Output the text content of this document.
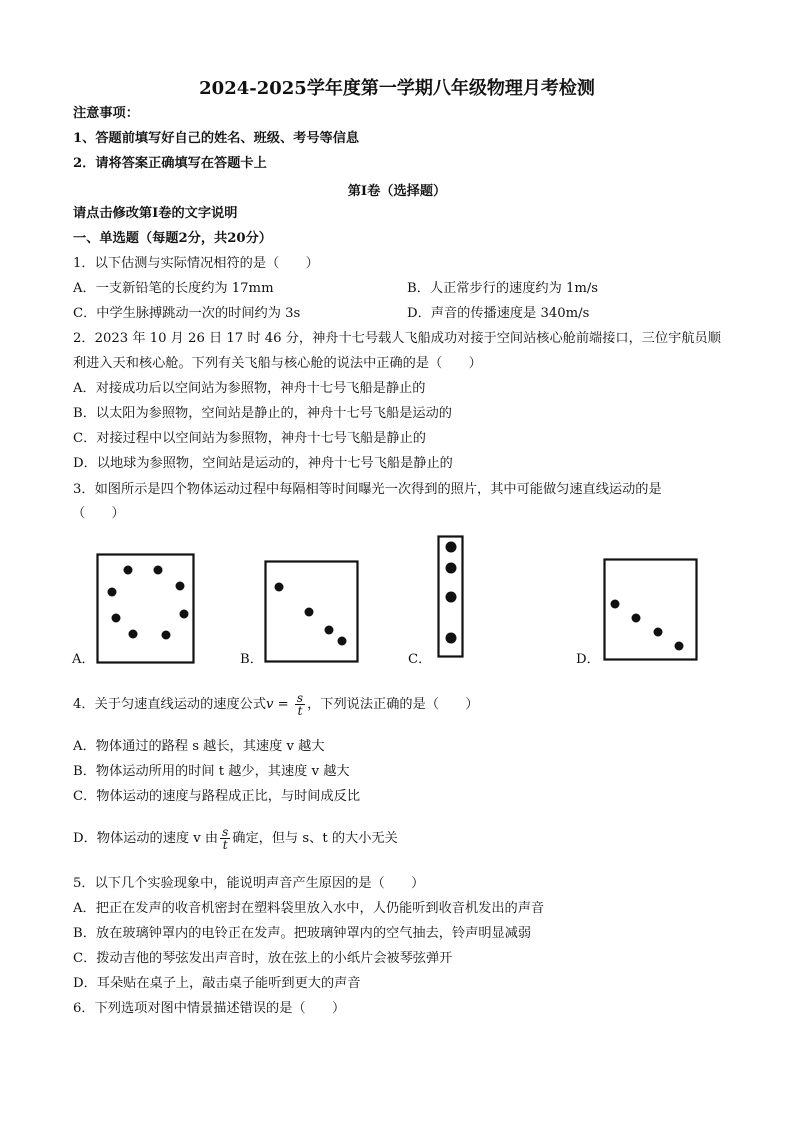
2024-2025学年度第一学期八年级物理月考检测
注意事项：
1、答题前填写好自己的姓名、班级、考号等信息
2．请将答案正确填写在答题卡上
第Ⅰ卷（选择题）
请点击修改第Ⅰ卷的文字说明
一、单选题（每题2分，共20分）
1．以下估测与实际情况相符的是（　　）
A．一支新铅笔的长度约为 17mm	B．人正常步行的速度约为 1m/s
C．中学生脉搏跳动一次的时间约为 3s	D．声音的传播速度是 340m/s
2．2023 年 10 月 26 日 17 时 46 分，神舟十七号载人飞船成功对接于空间站核心舱前端接口，三位宇航员顺
利进入天和核心舱。下列有关飞船与核心舱的说法中正确的是（　　）
A．对接成功后以空间站为参照物，神舟十七号飞船是静止的
B．以太阳为参照物，空间站是静止的，神舟十七号飞船是运动的
C．对接过程中以空间站为参照物，神舟十七号飞船是静止的
D．以地球为参照物，空间站是运动的，神舟十七号飞船是静止的
3．如图所示是四个物体运动过程中每隔相等时间曝光一次得到的照片，其中可能做匀速直线运动的是
（　　）
A．	B．	C．	D．
4．关于匀速直线运动的速度公式$v = \frac{s}{t}$ ，下列说法正确的是（　　）
A．物体通过的路程 s 越长，其速度 v 越大
B．物体运动所用的时间 t 越少，其速度 v 越大
C．物体运动的速度与路程成正比，与时间成反比
D．物体运动的速度 v 由 $\frac{s}{t}$ 确定，但与 s、t 的大小无关
5．以下几个实验现象中，能说明声音产生原因的是（　　）
A．把正在发声的收音机密封在塑料袋里放入水中，人仍能听到收音机发出的声音
B．放在玻璃钟罩内的电铃正在发声。把玻璃钟罩内的空气抽去，铃声明显减弱
C．拨动吉他的琴弦发出声音时，放在弦上的小纸片会被琴弦弹开
D．耳朵贴在桌子上，敲击桌子能听到更大的声音
6．下列选项对图中情景描述错误的是（　　）
